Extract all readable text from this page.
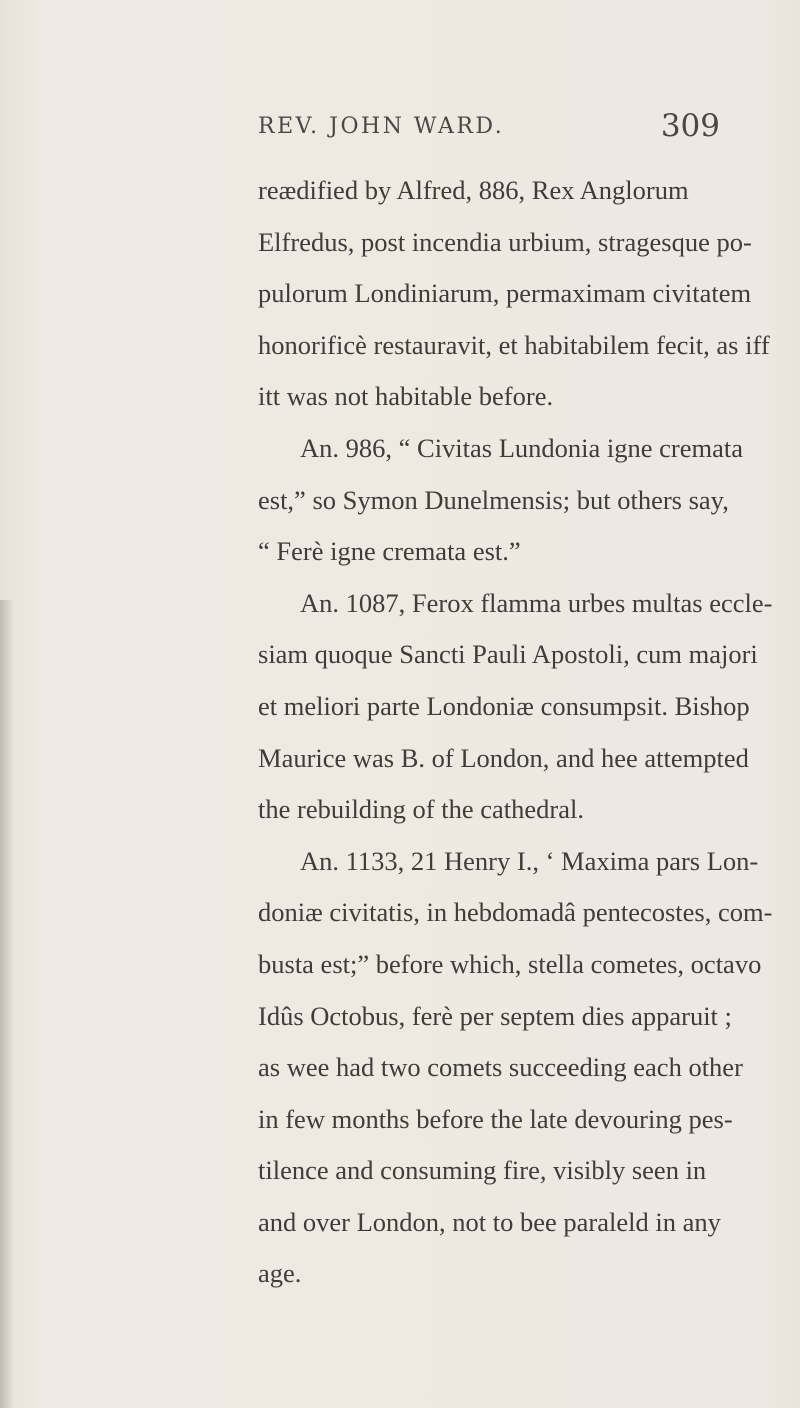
REV. JOHN WARD.	309
reædified by Alfred, 886, Rex Anglorum
Elfredus, post incendia urbium, stragesque po-
pulorum Londiniarum, permaximam civitatem
honorificè restauravit, et habitabilem fecit, as iff
itt was not habitable before.
An. 986, “ Civitas Lundonia igne cremata
est,” so Symon Dunelmensis; but others say,
“ Ferè igne cremata est.”
An. 1087, Ferox flamma urbes multas eccle-
siam quoque Sancti Pauli Apostoli, cum majori
et meliori parte Londoniæ consumpsit. Bishop
Maurice was B. of London, and hee attempted
the rebuilding of the cathedral.
An. 1133, 21 Henry I., ‘ Maxima pars Lon-
doniæ civitatis, in hebdomadâ pentecostes, com-
busta est;” before which, stella cometes, octavo
Idûs Octobus, ferè per septem dies apparuit ;
as wee had two comets succeeding each other
in few months before the late devouring pes-
tilence and consuming fire, visibly seen in
and over London, not to bee paraleld in any
age.
